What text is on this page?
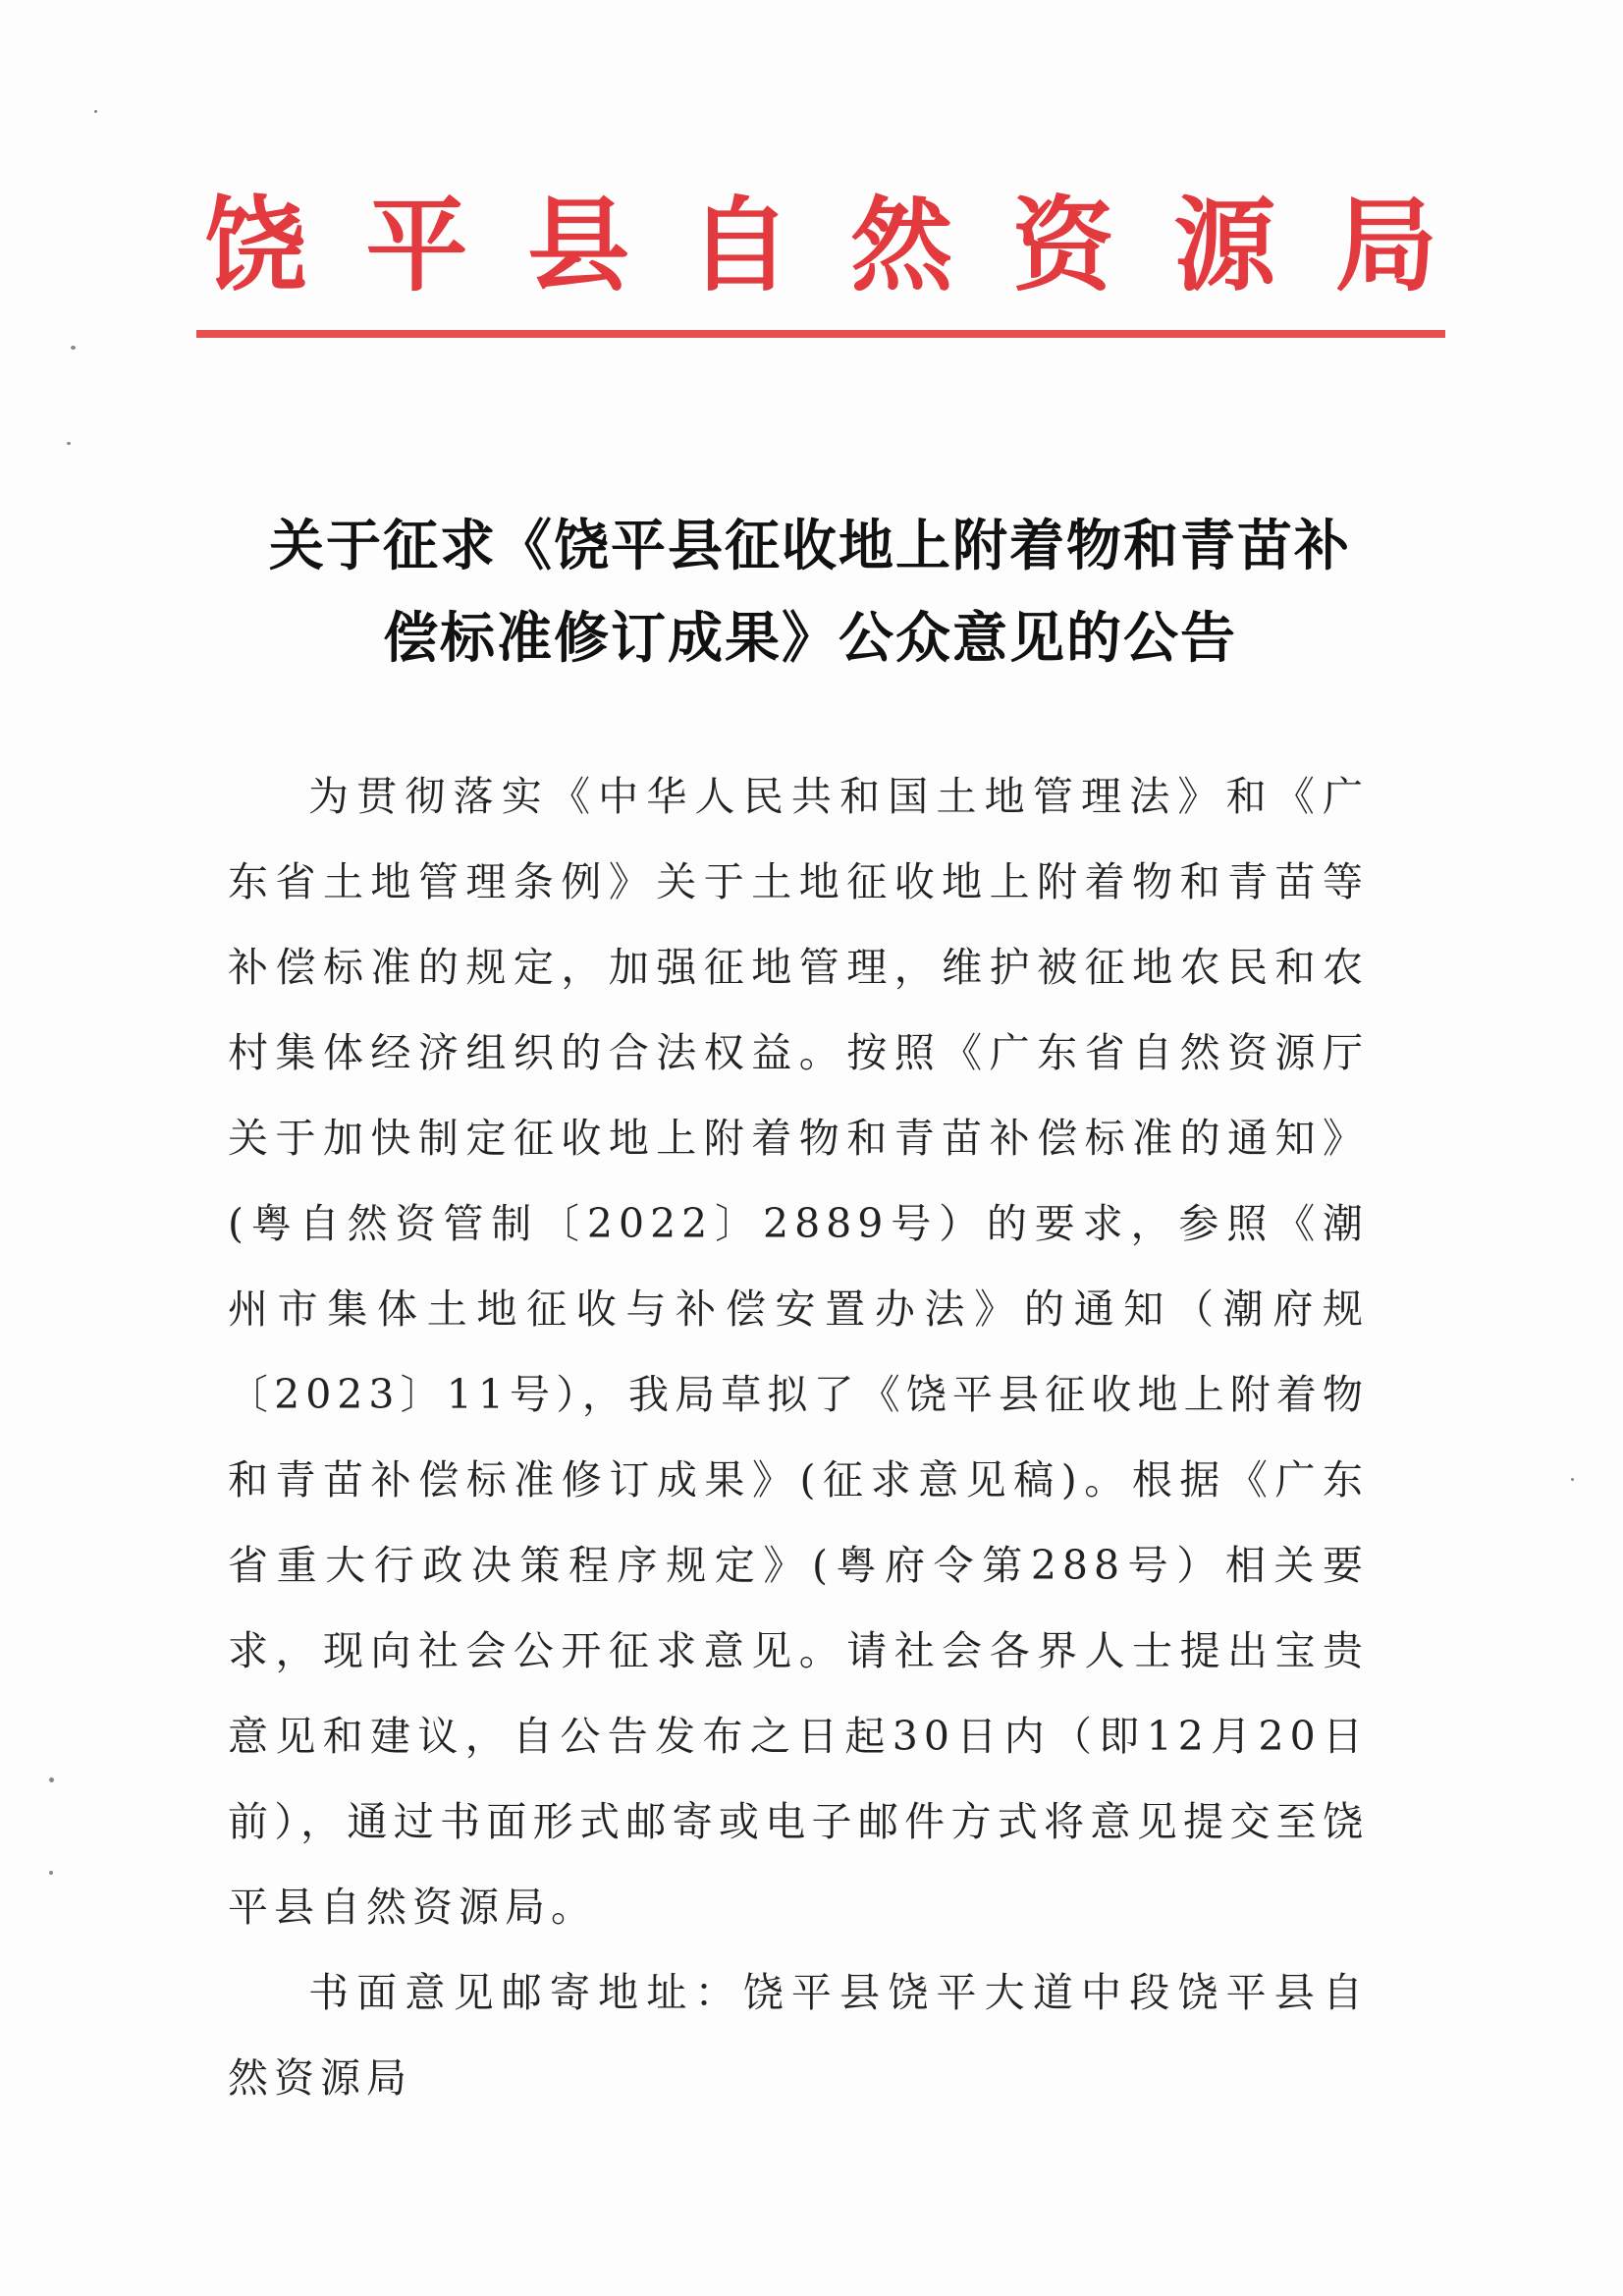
饶 平 县 自 然 资 源 局
关于征求《饶平县征收地上附着物和青苗补
偿标准修订成果》公众意见的公告

为贯彻落实《中华人民共和国土地管理法》和《广东省土地管理条例》关于土地征收地上附着物和青苗等补偿标准的规定，加强征地管理，维护被征地农民和农村集体经济组织的合法权益。按照《广东省自然资源厅关于加快制定征收地上附着物和青苗补偿标准的通知》(粤自然资管制〔2022〕2889号）的要求，参照《潮州市集体土地征收与补偿安置办法》的通知（潮府规〔2023〕11号），我局草拟了《饶平县征收地上附着物和青苗补偿标准修订成果》(征求意见稿)。根据《广东省重大行政决策程序规定》(粤府令第288号）相关要求，现向社会公开征求意见。请社会各界人士提出宝贵意见和建议，自公告发布之日起30日内（即12月20日前），通过书面形式邮寄或电子邮件方式将意见提交至饶平县自然资源局。

书面意见邮寄地址：饶平县饶平大道中段饶平县自然资源局
